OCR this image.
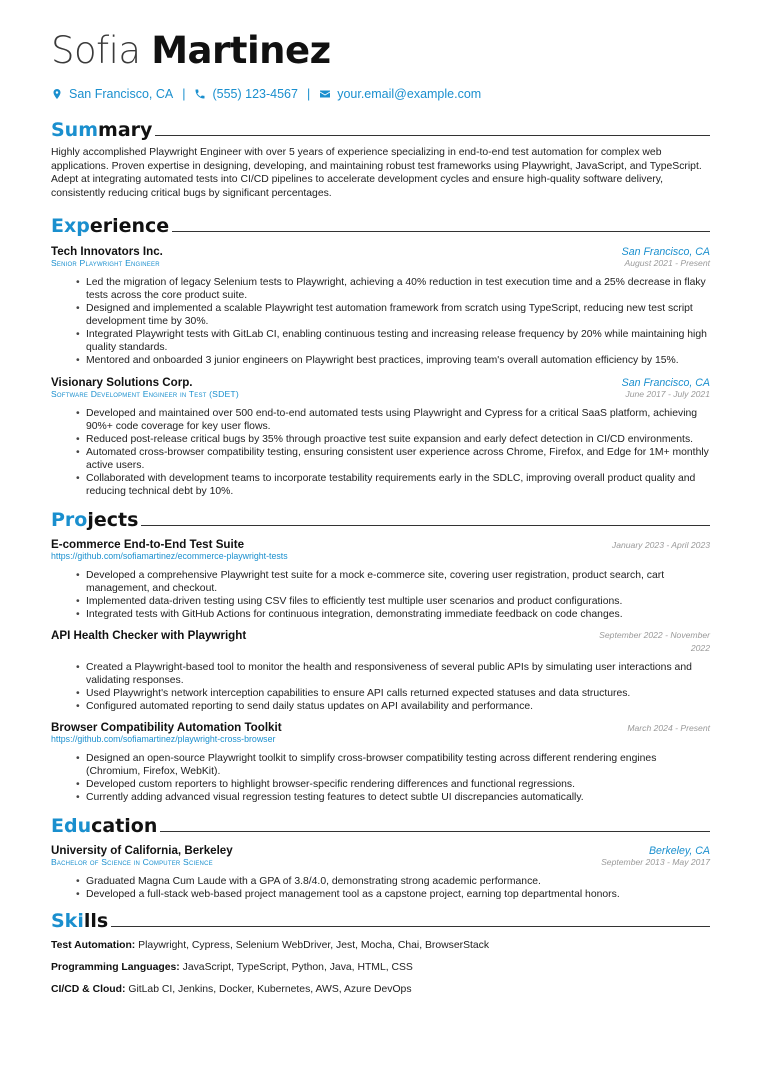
Sofia Martinez
San Francisco, CA | (555) 123-4567 | your.email@example.com
Summary
Highly accomplished Playwright Engineer with over 5 years of experience specializing in end-to-end test automation for complex web applications. Proven expertise in designing, developing, and maintaining robust test frameworks using Playwright, JavaScript, and TypeScript. Adept at integrating automated tests into CI/CD pipelines to accelerate development cycles and ensure high-quality software delivery, consistently reducing critical bugs by significant percentages.
Experience
Tech Innovators Inc.	San Francisco, CA
Senior Playwright Engineer	August 2021 - Present
• Led the migration of legacy Selenium tests to Playwright, achieving a 40% reduction in test execution time and a 25% decrease in flaky tests across the core product suite.
• Designed and implemented a scalable Playwright test automation framework from scratch using TypeScript, reducing new test script development time by 30%.
• Integrated Playwright tests with GitLab CI, enabling continuous testing and increasing release frequency by 20% while maintaining high quality standards.
• Mentored and onboarded 3 junior engineers on Playwright best practices, improving team's overall automation efficiency by 15%.
Visionary Solutions Corp.	San Francisco, CA
Software Development Engineer in Test (SDET)	June 2017 - July 2021
• Developed and maintained over 500 end-to-end automated tests using Playwright and Cypress for a critical SaaS platform, achieving 90%+ code coverage for key user flows.
• Reduced post-release critical bugs by 35% through proactive test suite expansion and early defect detection in CI/CD environments.
• Automated cross-browser compatibility testing, ensuring consistent user experience across Chrome, Firefox, and Edge for 1M+ monthly active users.
• Collaborated with development teams to incorporate testability requirements early in the SDLC, improving overall product quality and reducing technical debt by 10%.
Projects
E-commerce End-to-End Test Suite	January 2023 - April 2023
https://github.com/sofiamartinez/ecommerce-playwright-tests
• Developed a comprehensive Playwright test suite for a mock e-commerce site, covering user registration, product search, cart management, and checkout.
• Implemented data-driven testing using CSV files to efficiently test multiple user scenarios and product configurations.
• Integrated tests with GitHub Actions for continuous integration, demonstrating immediate feedback on code changes.
API Health Checker with Playwright	September 2022 - November 2022
• Created a Playwright-based tool to monitor the health and responsiveness of several public APIs by simulating user interactions and validating responses.
• Used Playwright's network interception capabilities to ensure API calls returned expected statuses and data structures.
• Configured automated reporting to send daily status updates on API availability and performance.
Browser Compatibility Automation Toolkit	March 2024 - Present
https://github.com/sofiamartinez/playwright-cross-browser
• Designed an open-source Playwright toolkit to simplify cross-browser compatibility testing across different rendering engines (Chromium, Firefox, WebKit).
• Developed custom reporters to highlight browser-specific rendering differences and functional regressions.
• Currently adding advanced visual regression testing features to detect subtle UI discrepancies automatically.
Education
University of California, Berkeley	Berkeley, CA
Bachelor of Science in Computer Science	September 2013 - May 2017
• Graduated Magna Cum Laude with a GPA of 3.8/4.0, demonstrating strong academic performance.
• Developed a full-stack web-based project management tool as a capstone project, earning top departmental honors.
Skills

Test Automation: Playwright, Cypress, Selenium WebDriver, Jest, Mocha, Chai, BrowserStack

Programming Languages: JavaScript, TypeScript, Python, Java, HTML, CSS

CI/CD & Cloud: GitLab CI, Jenkins, Docker, Kubernetes, AWS, Azure DevOps
